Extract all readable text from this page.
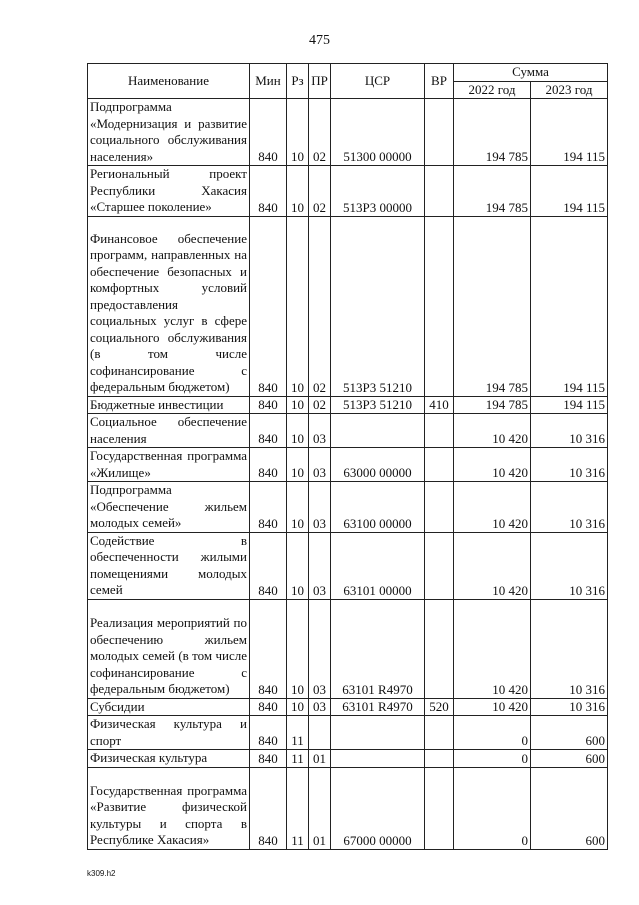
475
Наименование	Мин	Рз	ПР	ЦСР	ВР	Сумма	
						2022 год	2023 год
Подпрограмма «Модернизация и развитие социального обслуживания населения»	840	10	02	51300 00000		194 785	194 115
Региональный проект Республики Хакасия «Старшее поколение»	840	10	02	513P3 00000		194 785	194 115
Финансовое обеспечение программ, направленных на обеспечение безопасных и комфортных условий предоставления социальных услуг в сфере социального обслуживания (в том числе софинансирование с федеральным бюджетом)	840	10	02	513P3 51210		194 785	194 115
Бюджетные инвестиции	840	10	02	513P3 51210	410	194 785	194 115
Социальное обеспечение населения	840	10	03			10 420	10 316
Государственная программа «Жилище»	840	10	03	63000 00000		10 420	10 316
Подпрограмма «Обеспечение жильем молодых семей»	840	10	03	63100 00000		10 420	10 316
Содействие в обеспеченности жилыми помещениями молодых семей	840	10	03	63101 00000		10 420	10 316
Реализация мероприятий по обеспечению жильем молодых семей (в том числе софинансирование с федеральным бюджетом)	840	10	03	63101 R4970		10 420	10 316
Субсидии	840	10	03	63101 R4970	520	10 420	10 316
Физическая культура и спорт	840	11				0	600
Физическая культура	840	11	01			0	600
Государственная программа «Развитие физической культуры и спорта в Республике Хакасия»	840	11	01	67000 00000		0	600
k309.h2
